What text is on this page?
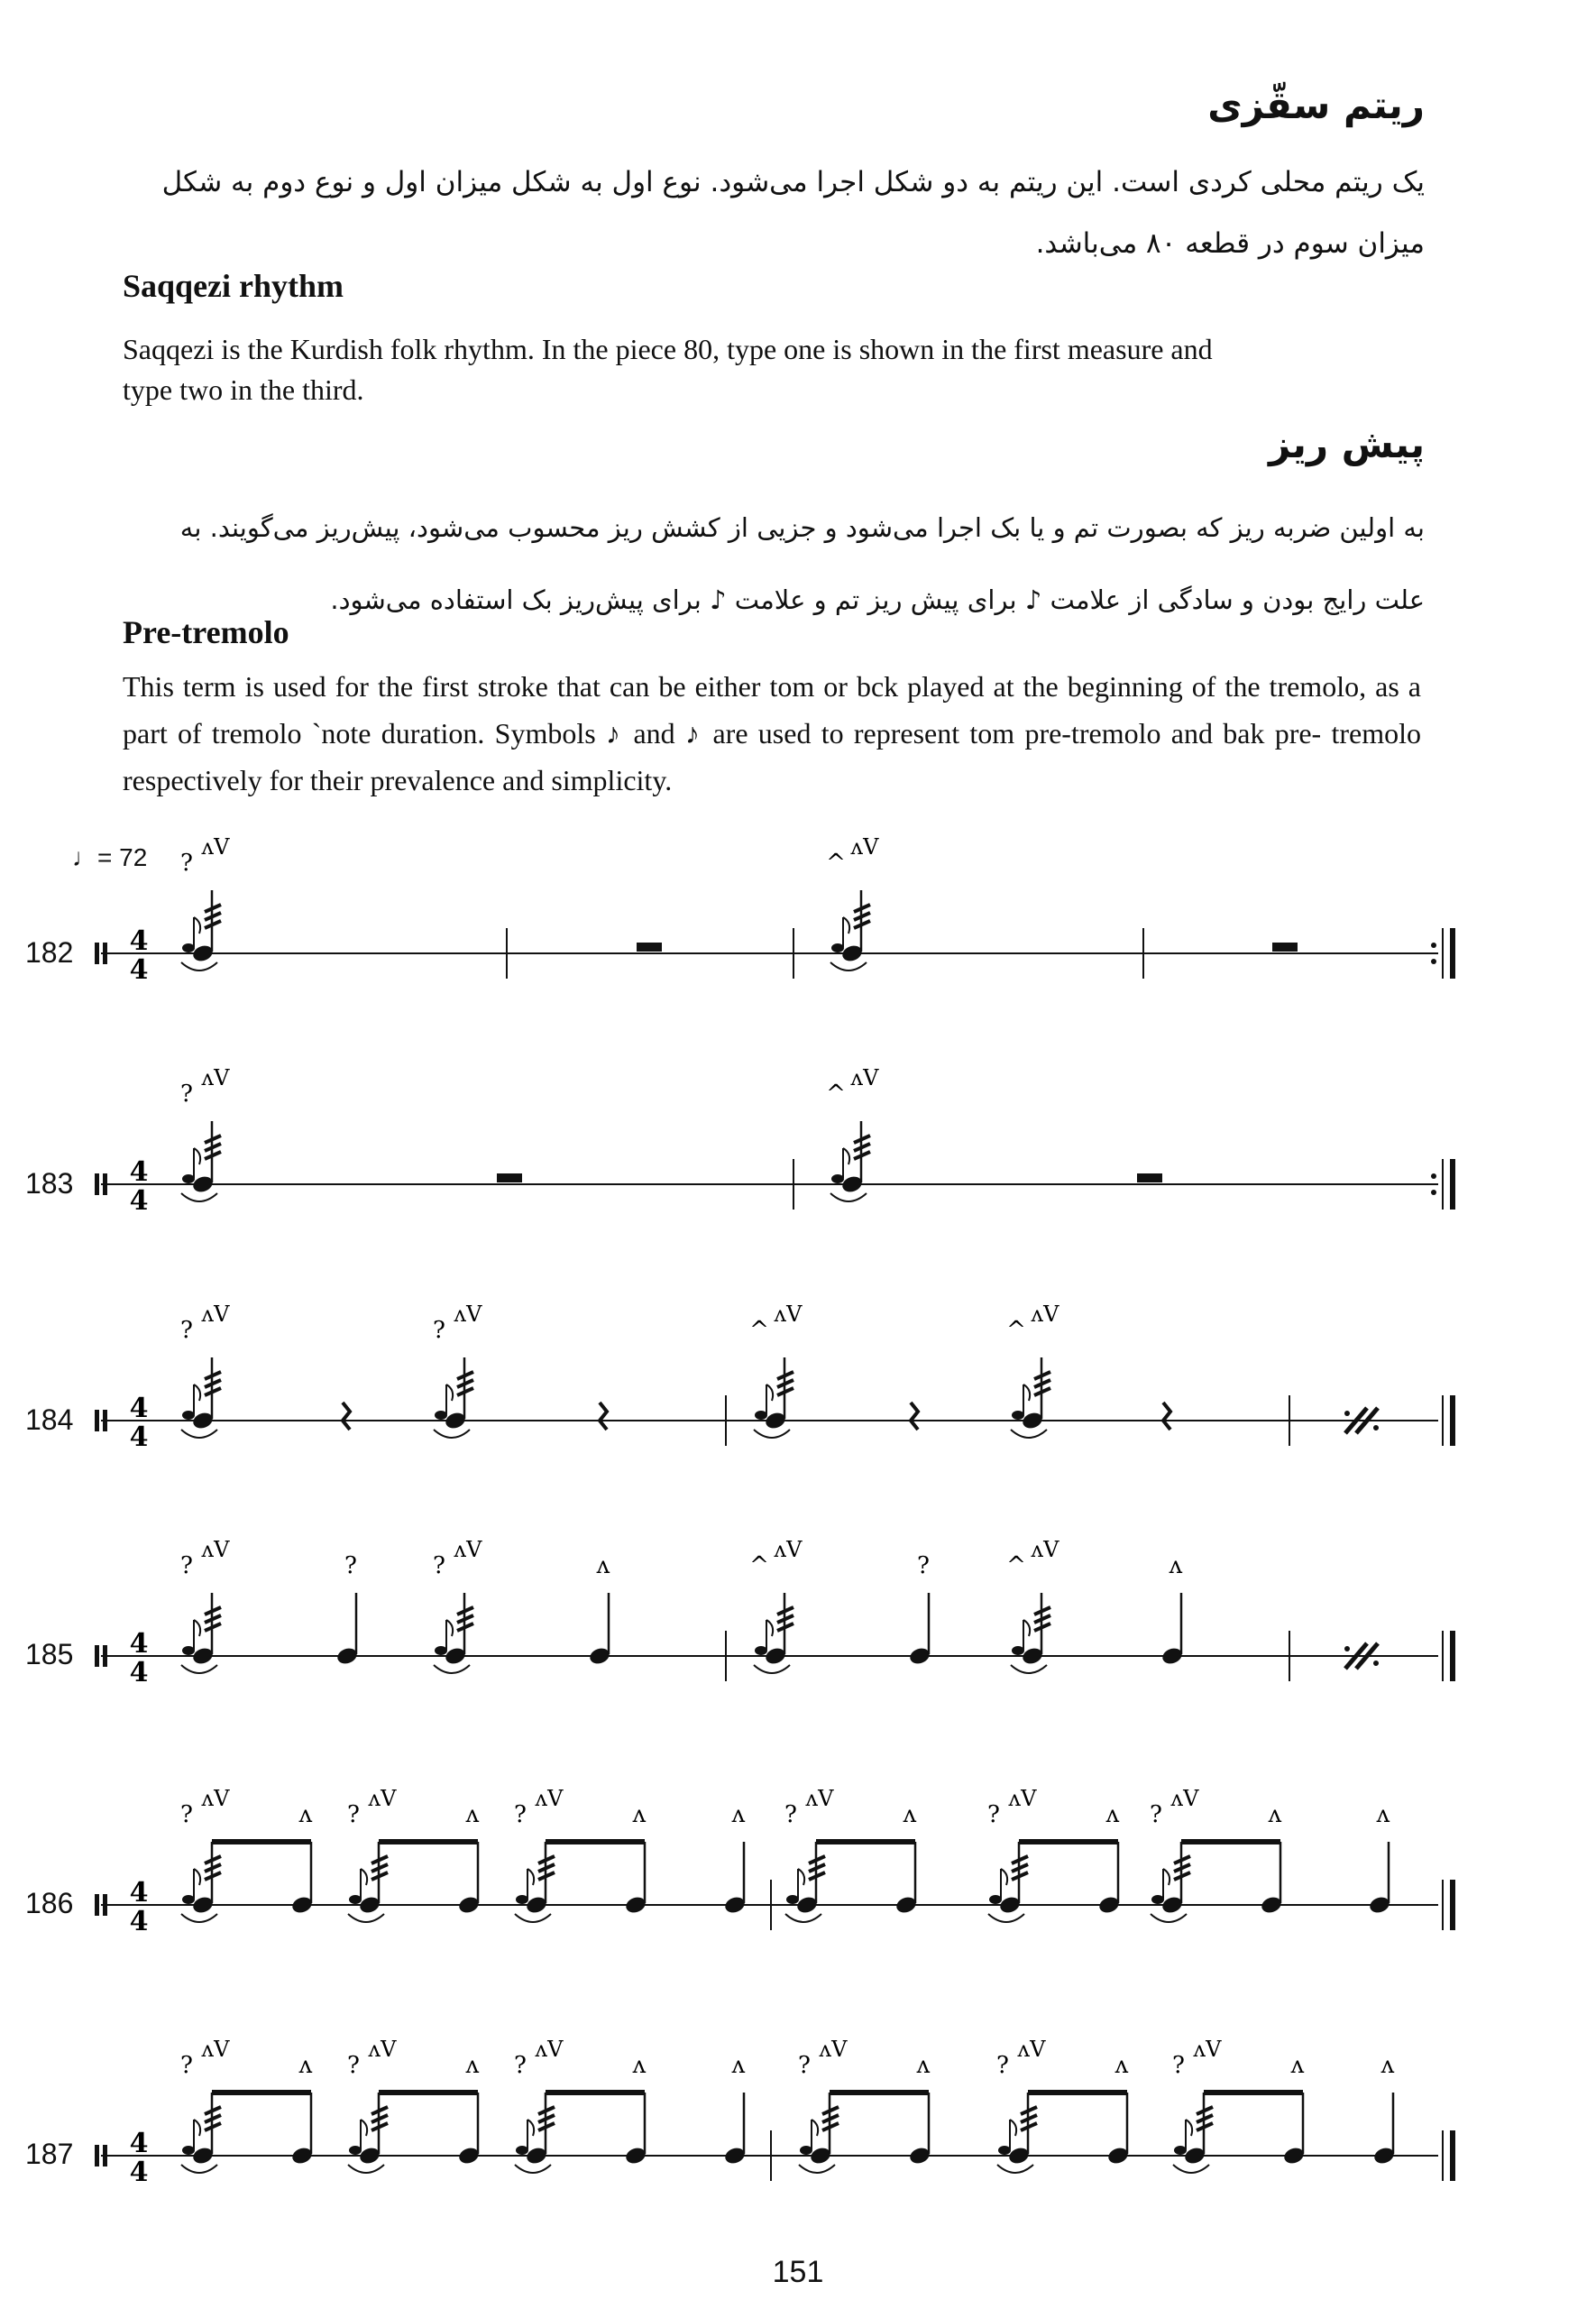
ریتم سقّزی
یک ریتم محلی کردی است. این ریتم به دو شکل اجرا می‌شود. نوع اول به شکل میزان اول و نوع دوم به شکل میزان سوم در قطعه ۸۰ می‌باشد.
Saqqezi rhythm
Saqqezi is the Kurdish folk rhythm. In the piece 80, type one is shown in the first measure and type two in the third.
پیش ریز
به اولین ضربه ریز که بصورت تم و یا بک اجرا می‌شود و جزیی از کشش ریز محسوب می‌شود، پیش‌ریز می‌گویند. به علت رایج بودن و سادگی از علامت ♪ برای پیش ریز تم و علامت ♪ برای پیش‌ریز بک استفاده می‌شود.
Pre-tremolo
This term is used for the first stroke that can be either tom or bck played at the beginning of the tremolo, as a part of tremolo `note duration. Symbols ♪ and ♪ are used to represent tom pre-tremolo and bak pre- tremolo respectively for their prevalence and simplicity.
♩= 72
182
183
184
185
186
187
4
4
?
ʌV
^
ʌV
4
4
?
ʌV
^
ʌV
4
4
?
ʌV
?
ʌV
^
ʌV
^
ʌV
4
4
?
ʌV
?	?
ʌV
ʌ	^
ʌV
?	^
ʌV
ʌ
4
4
?
ʌV
ʌ ?
ʌV
ʌ ?
ʌV
ʌ	ʌ ?
ʌV
ʌ	?
ʌV
ʌ ?
ʌV
ʌ	ʌ
4
4
?
ʌV
ʌ ?
ʌV
ʌ ?
ʌV
ʌ	ʌ ?
ʌV
ʌ	?
ʌV
ʌ ?
ʌV
ʌ	ʌ
151
